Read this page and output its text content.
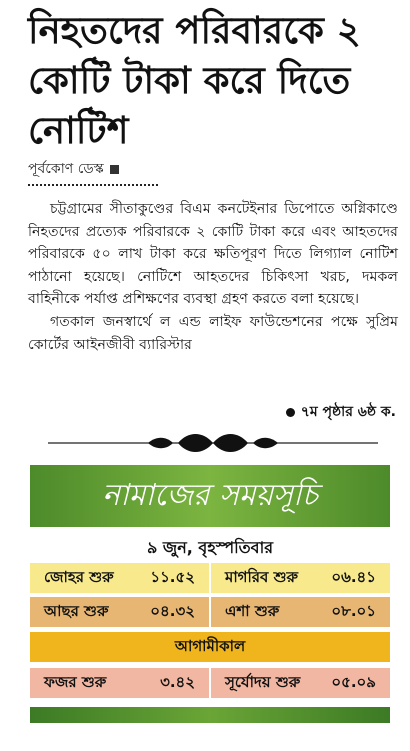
নিহতদের পরিবারকে ২ কোটি টাকা করে দিতে নোটিশ
পূর্বকোণ ডেস্ক

চট্টগ্রামের সীতাকুণ্ডের বিএম কনটেইনার ডিপোতে অগ্নিকাণ্ডে নিহতদের প্রত্যেক পরিবারকে ২ কোটি টাকা করে এবং আহতদের পরিবারকে ৫০ লাখ টাকা করে ক্ষতিপূরণ দিতে লিগ্যাল নোটিশ পাঠানো হয়েছে। নোটিশে আহতদের চিকিৎসা খরচ, দমকল বাহিনীকে পর্যাপ্ত প্রশিক্ষণের ব্যবস্থা গ্রহণ করতে বলা হয়েছে।

গতকাল জনস্বার্থে ল এন্ড লাইফ ফাউন্ডেশনের পক্ষে সুপ্রিম কোর্টের আইনজীবী ব্যারিস্টার

৭ম পৃষ্ঠার ৬ষ্ঠ ক.
নামাজের সময়সূচি
৯ জুন, বৃহস্পতিবার
জোহর শুরু ১১.৫২ মাগরিব শুরু ০৬.৪১
আছর শুরু	০৪.৩২ এশা শুরু	০৮.০১
আগামীকাল
ফজর শুরু	৩.৪২ সূর্যোদয় শুরু ০৫.০৯
